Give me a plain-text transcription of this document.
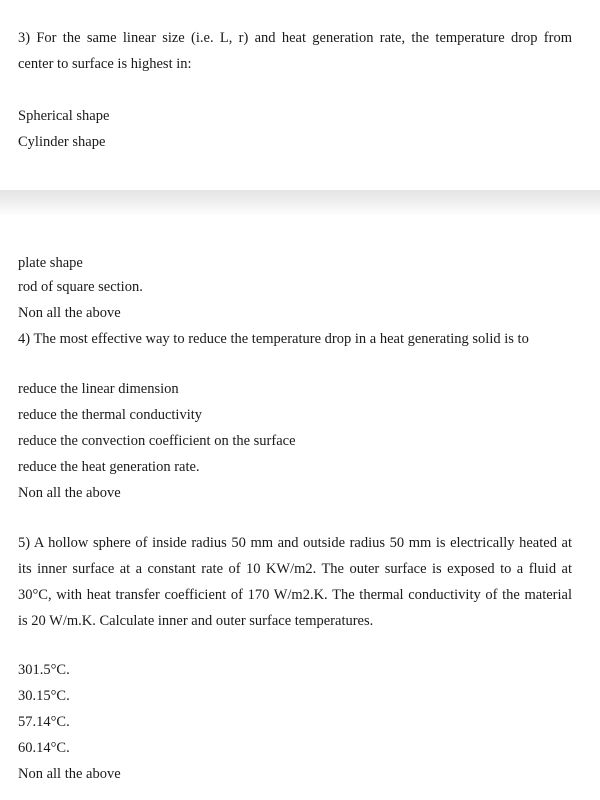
3) For the same linear size (i.e. L, r) and heat generation rate, the temperature drop from
center to surface is highest in:
Spherical shape
Cylinder shape
plate shape
rod of square section.
Non all the above
4) The most effective way to reduce the temperature drop in a heat generating solid is to
reduce the linear dimension
reduce the thermal conductivity
reduce the convection coefficient on the surface
reduce the heat generation rate.
Non all the above
5) A hollow sphere of inside radius 50 mm and outside radius 50 mm is electrically heated at
its inner surface at a constant rate of 10 KW/m2. The outer surface is exposed to a fluid at
30°C, with heat transfer coefficient of 170 W/m2.K. The thermal conductivity of the material
is 20 W/m.K. Calculate inner and outer surface temperatures.
301.5°C.
30.15°C.
57.14°C.
60.14°C.
Non all the above
